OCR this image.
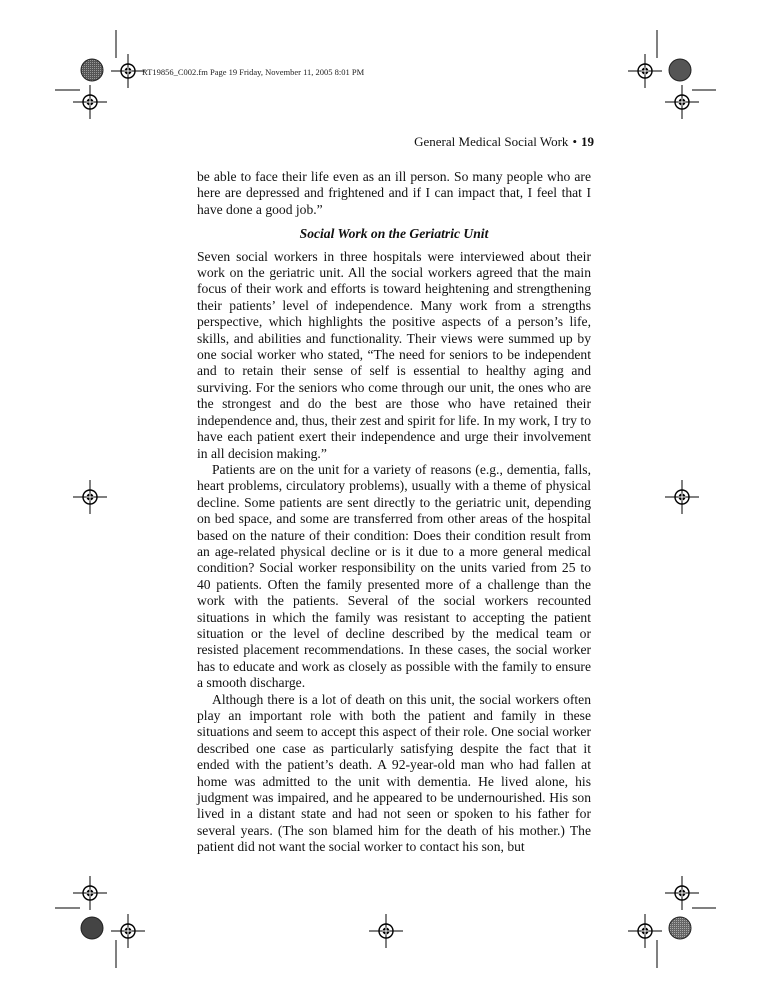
RT19856_C002.fm Page 19 Friday, November 11, 2005 8:01 PM
General Medical Social Work • 19

be able to face their life even as an ill person. So many people who are here are depressed and frightened and if I can impact that, I feel that I have done a good job.”

Social Work on the Geriatric Unit

Seven social workers in three hospitals were interviewed about their work on the geriatric unit. All the social workers agreed that the main focus of their work and efforts is toward heightening and strengthening their patients’ level of independence. Many work from a strengths perspective, which highlights the positive aspects of a person’s life, skills, and abilities and functionality. Their views were summed up by one social worker who stated, “The need for seniors to be independent and to retain their sense of self is essential to healthy aging and surviving. For the seniors who come through our unit, the ones who are the strongest and do the best are those who have retained their independence and, thus, their zest and spirit for life. In my work, I try to have each patient exert their independence and urge their involvement in all decision making.”

Patients are on the unit for a variety of reasons (e.g., dementia, falls, heart problems, circulatory problems), usually with a theme of physical decline. Some patients are sent directly to the geriatric unit, depending on bed space, and some are transferred from other areas of the hospital based on the nature of their condition: Does their condition result from an age-related physical decline or is it due to a more general medical condition? Social worker responsibility on the units varied from 25 to 40 patients. Often the family presented more of a challenge than the work with the patients. Several of the social workers recounted situations in which the family was resistant to accepting the patient situation or the level of decline described by the medical team or resisted placement recommendations. In these cases, the social worker has to educate and work as closely as possible with the family to ensure a smooth discharge.

Although there is a lot of death on this unit, the social workers often play an important role with both the patient and family in these situations and seem to accept this aspect of their role. One social worker described one case as particularly satisfying despite the fact that it ended with the patient’s death. A 92-year-old man who had fallen at home was admitted to the unit with dementia. He lived alone, his judgment was impaired, and he appeared to be undernourished. His son lived in a distant state and had not seen or spoken to his father for several years. (The son blamed him for the death of his mother.) The patient did not want the social worker to contact his son, but
